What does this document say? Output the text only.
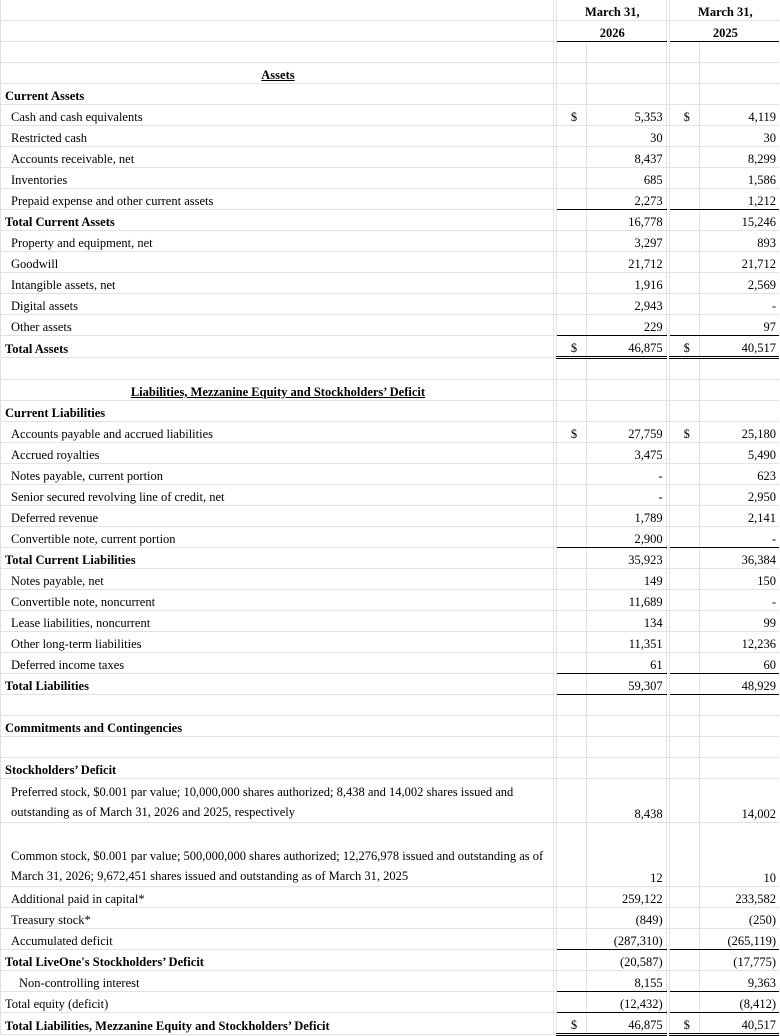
		March 31,			March 31,	
		2026			2025	

Assets						
Current Assets						
Cash and cash equivalents		$	5,353		$	4,119
Restricted cash			30			30
Accounts receivable, net			8,437			8,299
Inventories			685			1,586
Prepaid expense and other current assets			2,273			1,212
Total Current Assets			16,778			15,246
Property and equipment, net			3,297			893
Goodwill			21,712			21,712
Intangible assets, net			1,916			2,569
Digital assets			2,943			-
Other assets			229			97
Total Assets		$	46,875		$	40,517

Liabilities, Mezzanine Equity and Stockholders’ Deficit						
Current Liabilities						
Accounts payable and accrued liabilities		$	27,759		$	25,180
Accrued royalties			3,475			5,490
Notes payable, current portion			-			623
Senior secured revolving line of credit, net			-			2,950
Deferred revenue			1,789			2,141
Convertible note, current portion			2,900			-
Total Current Liabilities			35,923			36,384
Notes payable, net			149			150
Convertible note, noncurrent			11,689			-
Lease liabilities, noncurrent			134			99
Other long-term liabilities			11,351			12,236
Deferred income taxes			61			60
Total Liabilities			59,307			48,929

Commitments and Contingencies						

Stockholders’ Deficit						
Preferred stock, $0.001 par value; 10,000,000 shares authorized; 8,438 and 14,002 shares issued and outstanding as of March 31, 2026 and 2025, respectively			8,438			14,002
Common stock, $0.001 par value; 500,000,000 shares authorized; 12,276,978 issued and outstanding as of March 31, 2026; 9,672,451 shares issued and outstanding as of March 31, 2025			12			10
Additional paid in capital*			259,122			233,582
Treasury stock*			(849)			(250)
Accumulated deficit			(287,310)			(265,119)
Total LiveOne's Stockholders’ Deficit			(20,587)			(17,775)
Non-controlling interest			8,155			9,363
Total equity (deficit)			(12,432)			(8,412)
Total Liabilities, Mezzanine Equity and Stockholders’ Deficit		$	46,875		$	40,517
